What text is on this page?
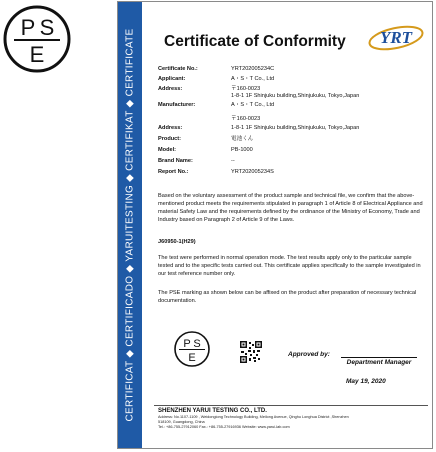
P S
E	CERTIFICAT ◆ CERTIFICADO ◆ YARUITESTING ◆ CERTIFIKAT ◆ CERTIFICATE Certificate of Conformity YRT
Certificate No.:	YRT202005234C
Applicant:	A・S・T Co., Ltd
Address:	〒160-0023
1-8-1 1F Shinjuku building,Shinjukuku, Tokyo,Japan
Manufacturer:	A・S・T Co., Ltd
〒160-0023
Address:	1-8-1 1F Shinjuku building,Shinjukuku, Tokyo,Japan
Product:	電池くん
Model:	PB-1000
Brand Name:	--
Report No.:	YRT202005234S
Based on the voluntary assessment of the product sample and technical file, we confirm that the above-mentioned product meets the requirements stipulated in paragraph 1 of Article 8 of Electrical Appliance and material Safety Law and the requirements defined by the ordinance of the Ministry of Economy, Trade and Industry based on Paragraph 2 of Article 9 of the Laws.
J60950-1(H29)
The test were performed in normal operation mode. The test results apply only to the particular sample tested and to the specific tests carried out. This certificate applies specifically to the sample investigated in our test reference number only.
The PSE marking as shown below can be affixed on the product after preparation of necessary technical documentation.
P S
E	Approved by:
Department Manager
May 19, 2020
SHENZHEN YARUI TESTING CO., LTD.
Address: No.1107-1109 , Weidongiong Technology Building, Meilong Avenue, Qinghu Longhua District ,Shenzhen
518109, Guangdong, China
Tel.: +86-755-27912060 Fax.: +86-755-27916936 Website: www.yarui-lab.com
